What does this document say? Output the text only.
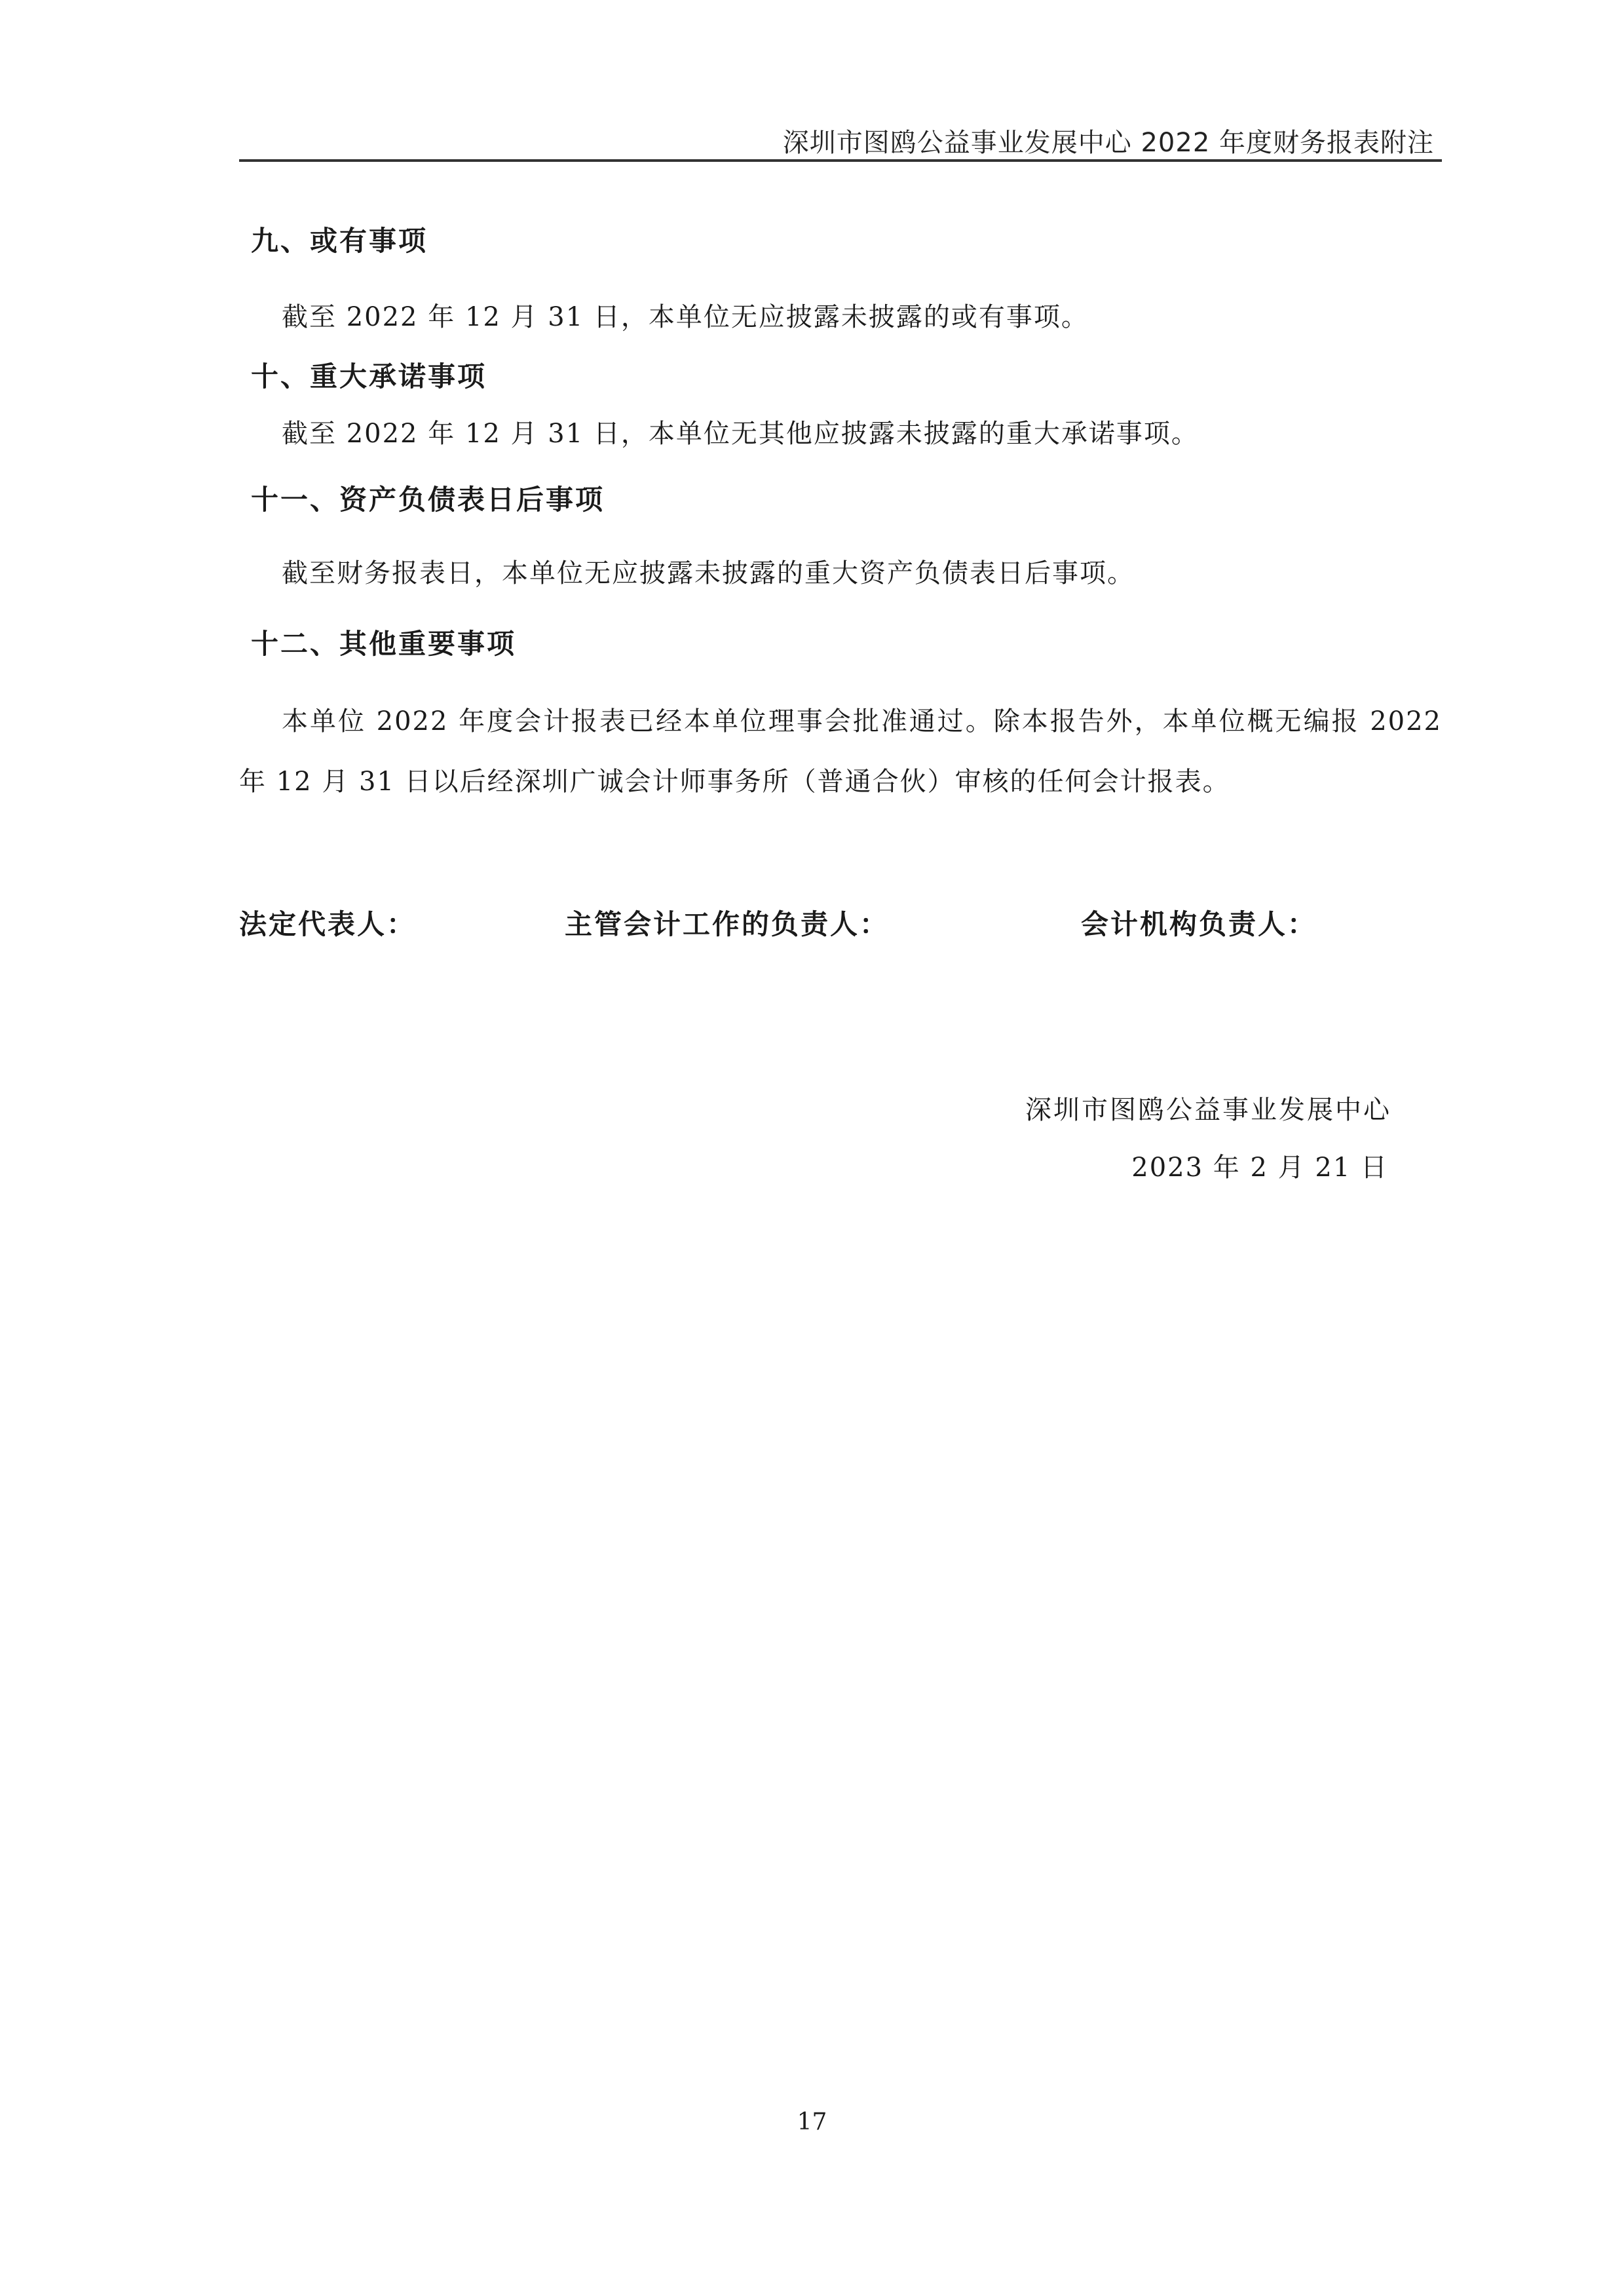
深圳市图鸥公益事业发展中心 2022 年度财务报表附注
九、或有事项
截至 2022 年 12 月 31 日，本单位无应披露未披露的或有事项。
十、重大承诺事项
截至 2022 年 12 月 31 日，本单位无其他应披露未披露的重大承诺事项。
十一、资产负债表日后事项
截至财务报表日，本单位无应披露未披露的重大资产负债表日后事项。
十二、其他重要事项
本单位 2022 年度会计报表已经本单位理事会批准通过。除本报告外，本单位概无编报 2022 年 12 月 31 日以后经深圳广诚会计师事务所（普通合伙）审核的任何会计报表。
法定代表人：	主管会计工作的负责人：	会计机构负责人：
深圳市图鸥公益事业发展中心
2023 年 2 月 21 日
17
